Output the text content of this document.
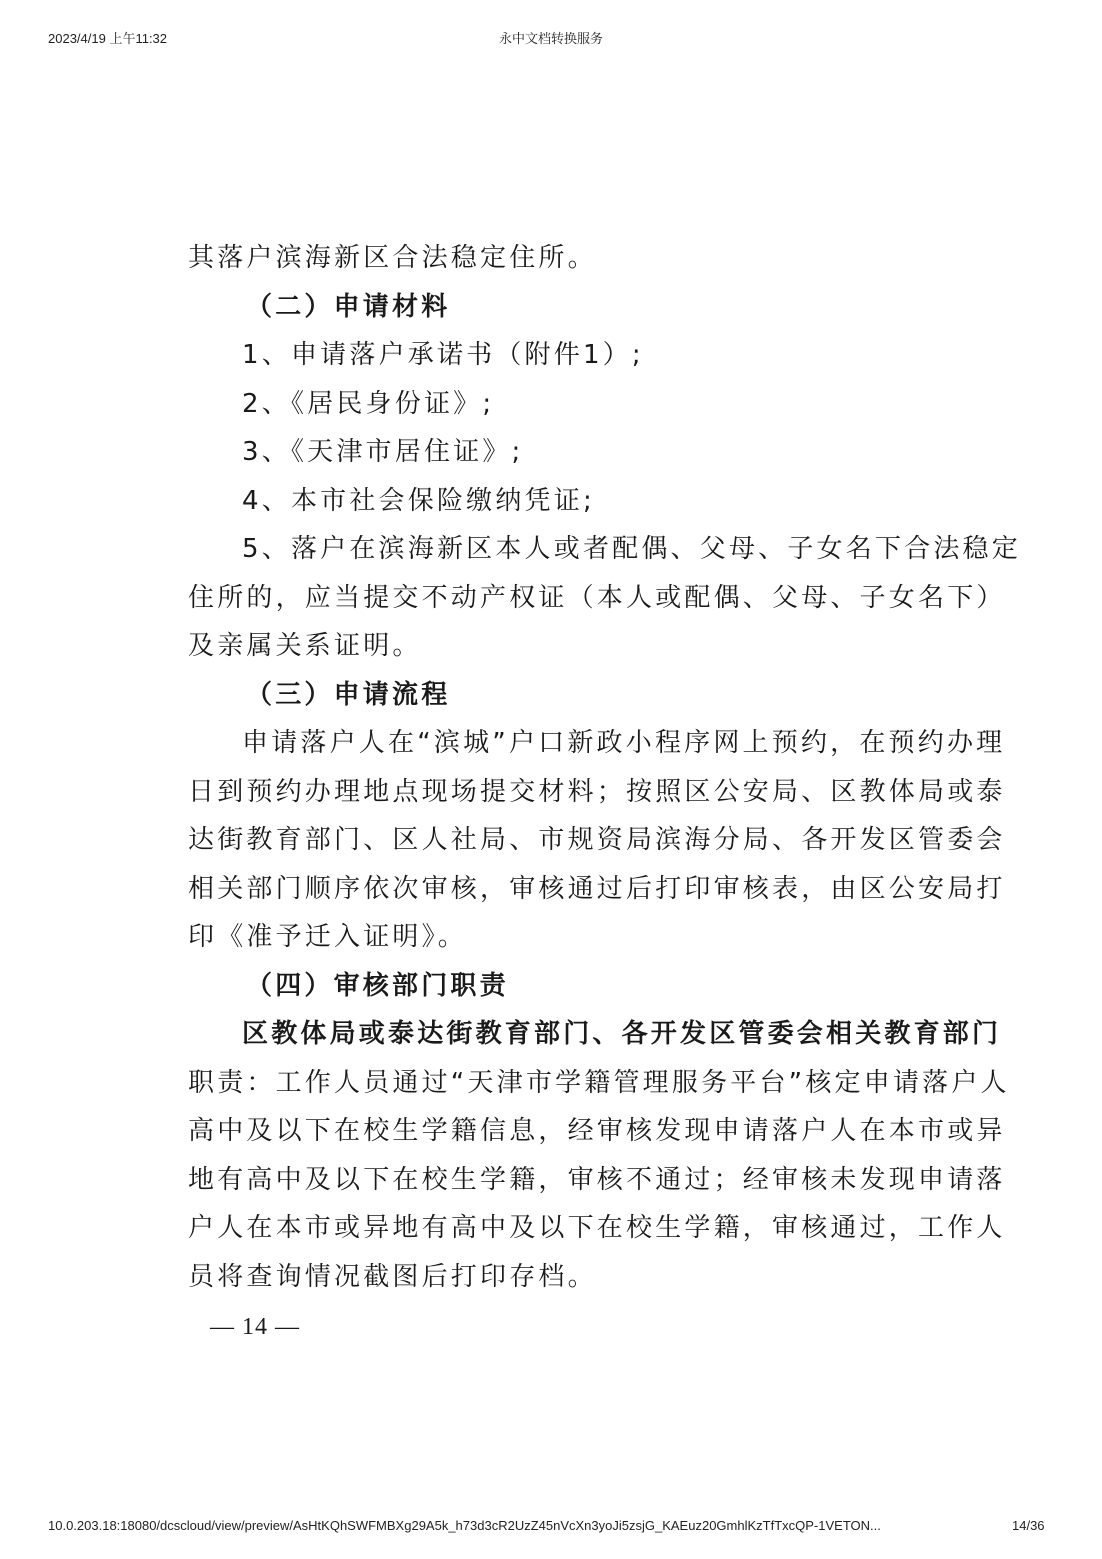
2023/4/19 上午11:32	永中文档转换服务
其落户滨海新区合法稳定住所。
（二）申请材料
1、申请落户承诺书（附件1）;
2、《居民身份证》;
3、《天津市居住证》;
4、本市社会保险缴纳凭证;
5、落户在滨海新区本人或者配偶、父母、子女名下合法稳定
住所的，应当提交不动产权证（本人或配偶、父母、子女名下）
及亲属关系证明。
（三）申请流程
申请落户人在“滨城”户口新政小程序网上预约，在预约办理
日到预约办理地点现场提交材料；按照区公安局、区教体局或泰
达街教育部门、区人社局、市规资局滨海分局、各开发区管委会
相关部门顺序依次审核，审核通过后打印审核表，由区公安局打
印《准予迁入证明》。
（四）审核部门职责
区教体局或泰达街教育部门、各开发区管委会相关教育部门
职责：工作人员通过“天津市学籍管理服务平台”核定申请落户人
高中及以下在校生学籍信息，经审核发现申请落户人在本市或异
地有高中及以下在校生学籍，审核不通过；经审核未发现申请落
户人在本市或异地有高中及以下在校生学籍，审核通过，工作人
员将查询情况截图后打印存档。
— 14 —
10.0.203.18:18080/dcscloud/view/preview/AsHtKQhSWFMBXg29A5k_h73d3cR2UzZ45nVcXn3yoJi5zsjG_KAEuz20GmhlKzTfTxcQP-1VETON...	14/36
